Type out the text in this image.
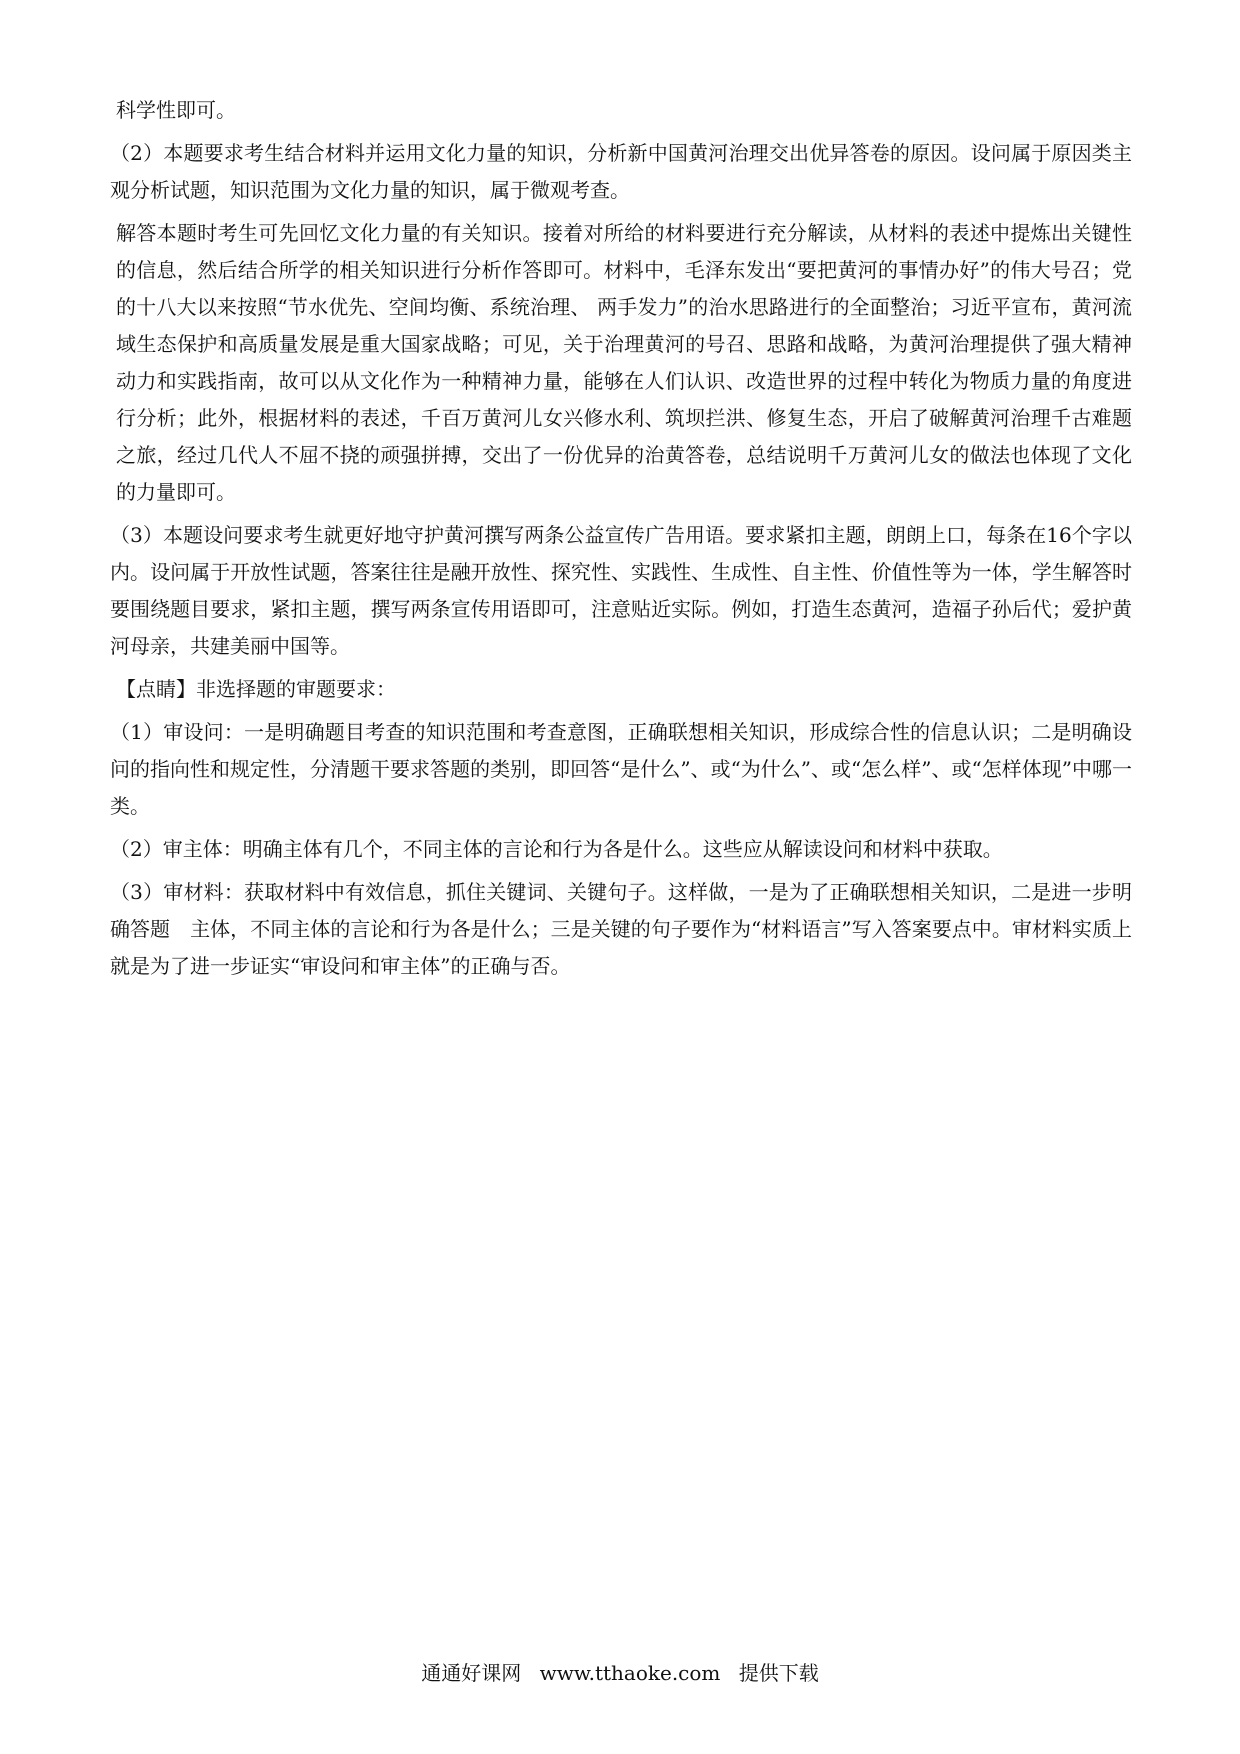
科学性即可。

（2）本题要求考生结合材料并运用文化力量的知识，分析新中国黄河治理交出优异答卷的原因。设问属于原因类主观分析试题，知识范围为文化力量的知识，属于微观考查。

解答本题时考生可先回忆文化力量的有关知识。接着对所给的材料要进行充分解读，从材料的表述中提炼出关键性的信息，然后结合所学的相关知识进行分析作答即可。材料中，毛泽东发出“要把黄河的事情办好”的伟大号召；党的十八大以来按照“节水优先、空间均衡、系统治理、 两手发力”的治水思路进行的全面整治；习近平宣布，黄河流域生态保护和高质量发展是重大国家战略；可见，关于治理黄河的号召、思路和战略，为黄河治理提供了强大精神动力和实践指南，故可以从文化作为一种精神力量，能够在人们认识、改造世界的过程中转化为物质力量的角度进行分析；此外，根据材料的表述，千百万黄河儿女兴修水利、筑坝拦洪、修复生态，开启了破解黄河治理千古难题之旅，经过几代人不屈不挠的顽强拼搏，交出了一份优异的治黄答卷，总结说明千万黄河儿女的做法也体现了文化的力量即可。

（3）本题设问要求考生就更好地守护黄河撰写两条公益宣传广告用语。要求紧扣主题，朗朗上口，每条在16个字以内。设问属于开放性试题，答案往往是融开放性、探究性、实践性、生成性、自主性、价值性等为一体，学生解答时要围绕题目要求，紧扣主题，撰写两条宣传用语即可，注意贴近实际。例如，打造生态黄河，造福子孙后代；爱护黄河母亲，共建美丽中国等。

【点睛】非选择题的审题要求：

（1）审设问：一是明确题目考查的知识范围和考查意图，正确联想相关知识，形成综合性的信息认识；二是明确设问的指向性和规定性，分清题干要求答题的类别，即回答“是什么”、或“为什么”、或“怎么样”、或“怎样体现”中哪一类。

（2）审主体：明确主体有几个，不同主体的言论和行为各是什么。这些应从解读设问和材料中获取。

（3）审材料：获取材料中有效信息，抓住关键词、关键句子。这样做，一是为了正确联想相关知识，二是进一步明确答题　主体，不同主体的言论和行为各是什么；三是关键的句子要作为“材料语言”写入答案要点中。审材料实质上就是为了进一步证实“审设问和审主体”的正确与否。

通通好课网 www.tthaoke.com 提供下载
